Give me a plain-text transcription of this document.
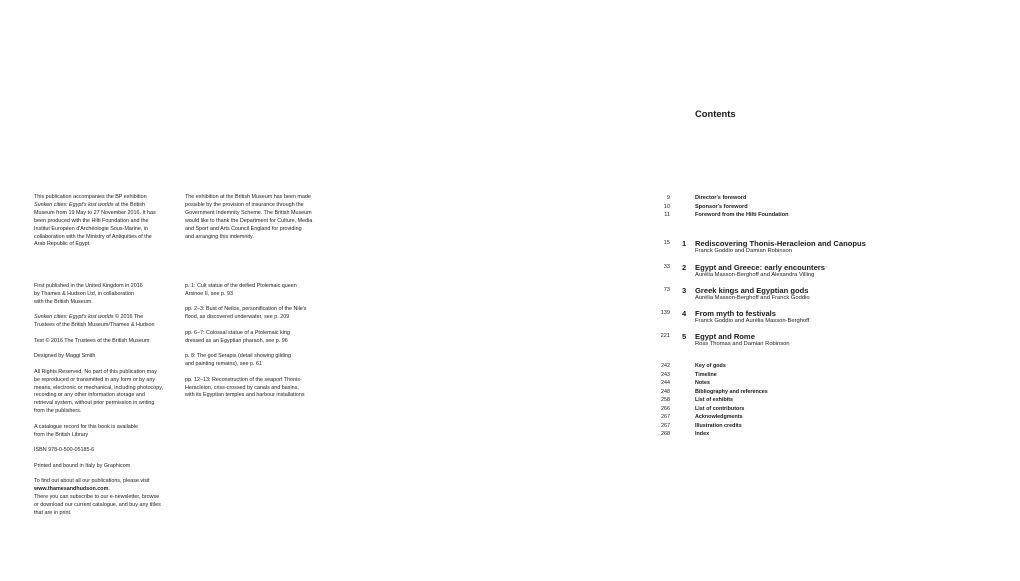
This publication accompanies the BP exhibition

Sunken cities: Egypt's lost worlds at the British

Museum from 19 May to 27 November 2016. It has

been produced with the Hilti Foundation and the

Institut Européen d'Archéologie Sous-Marine, in

collaboration with the Ministry of Antiquities of the

Arab Republic of Egypt.

The exhibition at the British Museum has been made

possible by the provision of insurance through the

Government Indemnity Scheme. The British Museum

would like to thank the Department for Culture, Media

and Sport and Arts Council England for providing

and arranging this indemnity.

First published in the United Kingdom in 2016

by Thames & Hudson Ltd, in collaboration

with the British Museum.

Sunken cities: Egypt's lost worlds © 2016 The

Trustees of the British Museum/Thames & Hudson

Text © 2016 The Trustees of the British Museum

Designed by Maggi Smith

All Rights Reserved. No part of this publication may

be reproduced or transmitted in any form or by any

means, electronic or mechanical, including photocopy,

recording or any other information storage and

retrieval system, without prior permission in writing

from the publishers.

A catalogue record for this book is available

from the British Library

ISBN 978-0-500-05185-6

Printed and bound in Italy by Graphicom

To find out about all our publications, please visit

www.thamesandhudson.com.

There you can subscribe to our e-newsletter, browse

or download our current catalogue, and buy any titles

that are in print.

p. 1: Cult statue of the deified Ptolemaic queen

Arsinoe II, see p. 93

pp. 2–3: Bust of Neilos, personification of the Nile's

flood, as discovered underwater, see p. 209

pp. 6–7: Colossal statue of a Ptolemaic king

dressed as an Egyptian pharaoh, see p. 96

p. 8: The god Serapis (detail showing gilding

and painting remains), see p. 61

pp. 12–13: Reconstruction of the seaport Thonis-

Heracleion, criss-crossed by canals and basins,

with its Egyptian temples and harbour installations

Contents
9	Director's foreword
10	Sponsor's foreword
11	Foreword from the Hilti Foundation
15 1 Rediscovering Thonis-Heracleion and Canopus
Franck Goddio and Damian Robinson
33 2 Egypt and Greece: early encounters
Aurélia Masson-Berghoff and Alexandra Villing
73 3 Greek kings and Egyptian gods
Aurélia Masson-Berghoff and Franck Goddio
139 4 From myth to festivals
Franck Goddio and Aurélia Masson-Berghoff
221 5 Egypt and Rome
Ross Thomas and Damian Robinson
242	Key of gods
243	Timeline
244	Notes
248	Bibliography and references
258	List of exhibits
266	List of contributors
267	Acknowledgments
267	Illustration credits
268	Index
